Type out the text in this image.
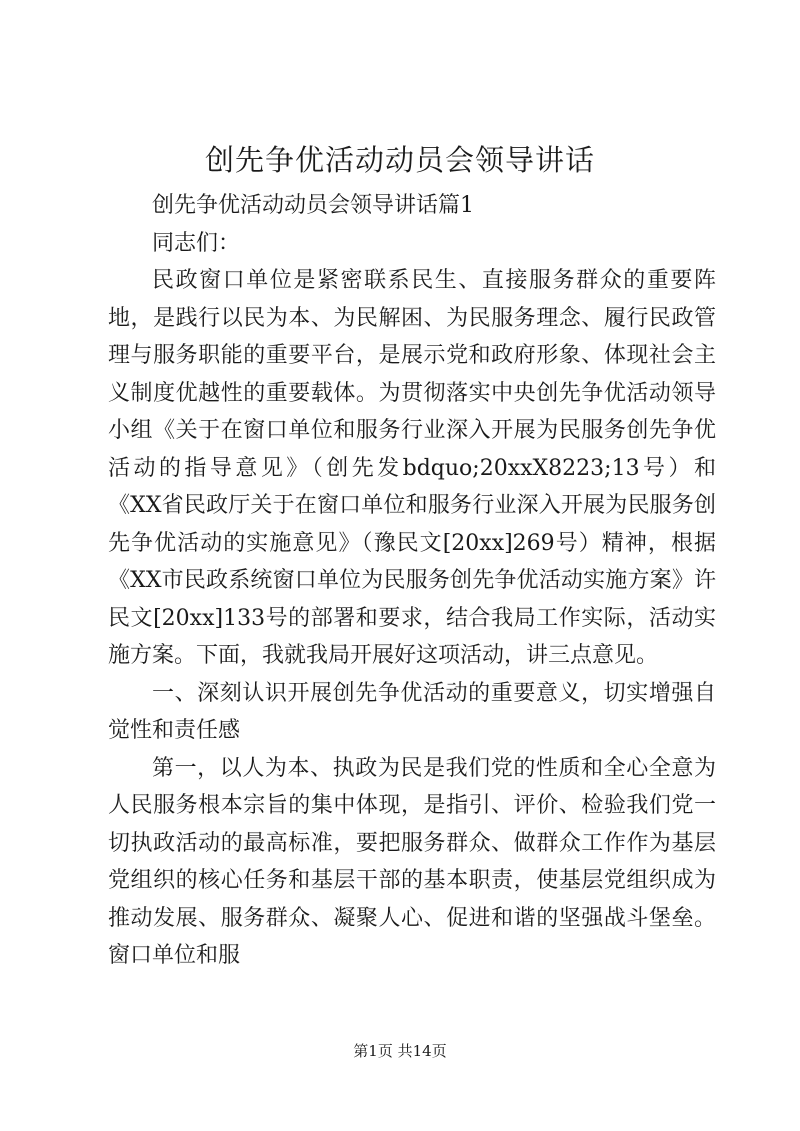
创先争优活动动员会领导讲话

创先争优活动动员会领导讲话篇1

同志们：

民政窗口单位是紧密联系民生、直接服务群众的重要阵地，是践行以民为本、为民解困、为民服务理念、履行民政管理与服务职能的重要平台，是展示党和政府形象、体现社会主义制度优越性的重要载体。为贯彻落实中央创先争优活动领导小组《关于在窗口单位和服务行业深入开展为民服务创先争优活动的指导意见》（创先发bdquo;20xxX8223;13号）和《XX省民政厅关于在窗口单位和服务行业深入开展为民服务创先争优活动的实施意见》（豫民文[20xx]269号）精神，根据《XX市民政系统窗口单位为民服务创先争优活动实施方案》许民文[20xx]133号的部署和要求，结合我局工作实际，活动实施方案。下面，我就我局开展好这项活动，讲三点意见。

一、深刻认识开展创先争优活动的重要意义，切实增强自觉性和责任感

第一，以人为本、执政为民是我们党的性质和全心全意为人民服务根本宗旨的集中体现，是指引、评价、检验我们党一切执政活动的最高标准，要把服务群众、做群众工作作为基层党组织的核心任务和基层干部的基本职责，使基层党组织成为推动发展、服务群众、凝聚人心、促进和谐的坚强战斗堡垒。窗口单位和服

第1页 共14页
